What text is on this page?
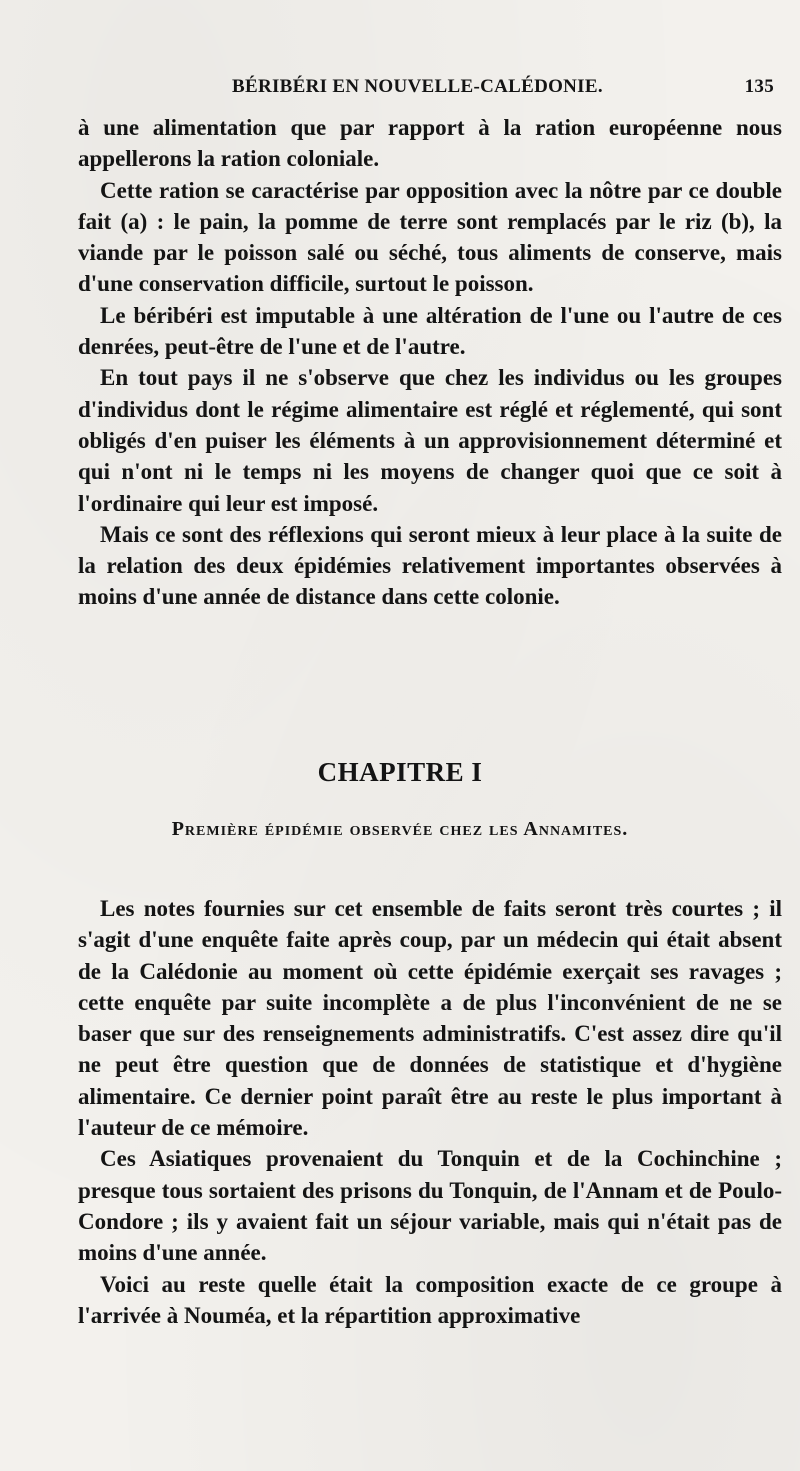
BÉRIBÉRI EN NOUVELLE-CALÉDONIE.	135

à une alimentation que par rapport à la ration européenne nous appellerons la ration coloniale.

Cette ration se caractérise par opposition avec la nôtre par ce double fait (a) : le pain, la pomme de terre sont remplacés par le riz (b), la viande par le poisson salé ou séché, tous aliments de conserve, mais d'une conservation difficile, surtout le poisson.

Le béribéri est imputable à une altération de l'une ou l'autre de ces denrées, peut-être de l'une et de l'autre.

En tout pays il ne s'observe que chez les individus ou les groupes d'individus dont le régime alimentaire est réglé et réglementé, qui sont obligés d'en puiser les éléments à un approvisionnement déterminé et qui n'ont ni le temps ni les moyens de changer quoi que ce soit à l'ordinaire qui leur est imposé.

Mais ce sont des réflexions qui seront mieux à leur place à la suite de la relation des deux épidémies relativement importantes observées à moins d'une année de distance dans cette colonie.

CHAPITRE I
Première épidémie observée chez les Annamites.

Les notes fournies sur cet ensemble de faits seront très courtes ; il s'agit d'une enquête faite après coup, par un médecin qui était absent de la Calédonie au moment où cette épidémie exerçait ses ravages ; cette enquête par suite incomplète a de plus l'inconvénient de ne se baser que sur des renseignements administratifs. C'est assez dire qu'il ne peut être question que de données de statistique et d'hygiène alimentaire. Ce dernier point paraît être au reste le plus important à l'auteur de ce mémoire.

Ces Asiatiques provenaient du Tonquin et de la Cochinchine ; presque tous sortaient des prisons du Tonquin, de l'Annam et de Poulo-Condore ; ils y avaient fait un séjour variable, mais qui n'était pas de moins d'une année.

Voici au reste quelle était la composition exacte de ce groupe à l'arrivée à Nouméa, et la répartition approximative
